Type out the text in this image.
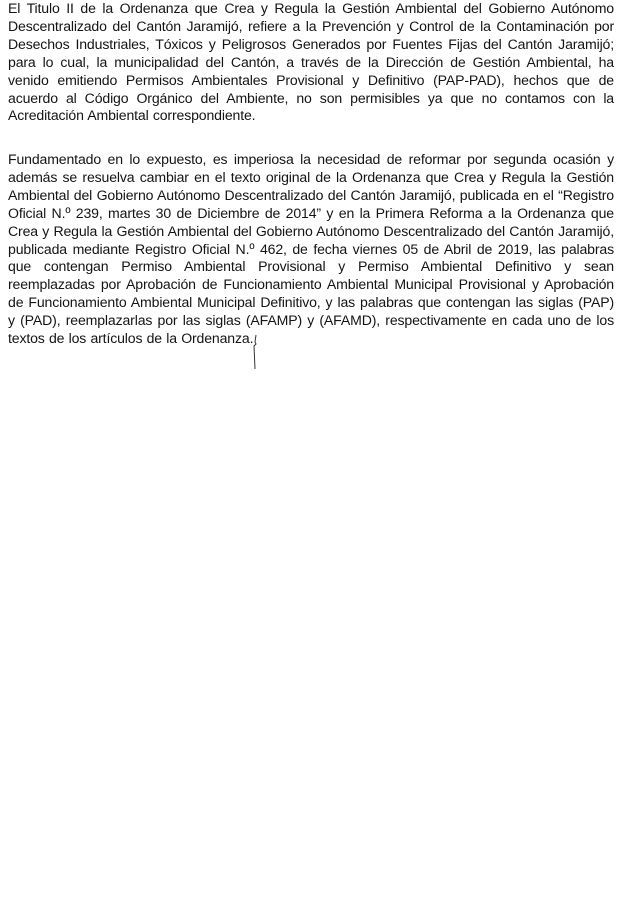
El Titulo II de la Ordenanza que Crea y Regula la Gestión Ambiental del Gobierno Autónomo Descentralizado del Cantón Jaramijó, refiere a la Prevención y Control de la Contaminación por Desechos Industriales, Tóxicos y Peligrosos Generados por Fuentes Fijas del Cantón Jaramijó; para lo cual, la municipalidad del Cantón, a través de la Dirección de Gestión Ambiental, ha venido emitiendo Permisos Ambientales Provisional y Definitivo (PAP-PAD), hechos que de acuerdo al Código Orgánico del Ambiente, no son permisibles ya que no contamos con la Acreditación Ambiental correspondiente.

Fundamentado en lo expuesto, es imperiosa la necesidad de reformar por segunda ocasión y además se resuelva cambiar en el texto original de la Ordenanza que Crea y Regula la Gestión Ambiental del Gobierno Autónomo Descentralizado del Cantón Jaramijó, publicada en el “Registro Oficial N.º 239, martes 30 de Diciembre de 2014” y en la Primera Reforma a la Ordenanza que Crea y Regula la Gestión Ambiental del Gobierno Autónomo Descentralizado del Cantón Jaramijó, publicada mediante Registro Oficial N.º 462, de fecha viernes 05 de Abril de 2019, las palabras que contengan Permiso Ambiental Provisional y Permiso Ambiental Definitivo y sean reemplazadas por Aprobación de Funcionamiento Ambiental Municipal Provisional y Aprobación de Funcionamiento Ambiental Municipal Definitivo, y las palabras que contengan las siglas (PAP) y (PAD), reemplazarlas por las siglas (AFAMP) y (AFAMD), respectivamente en cada uno de los textos de los artículos de la Ordenanza.
